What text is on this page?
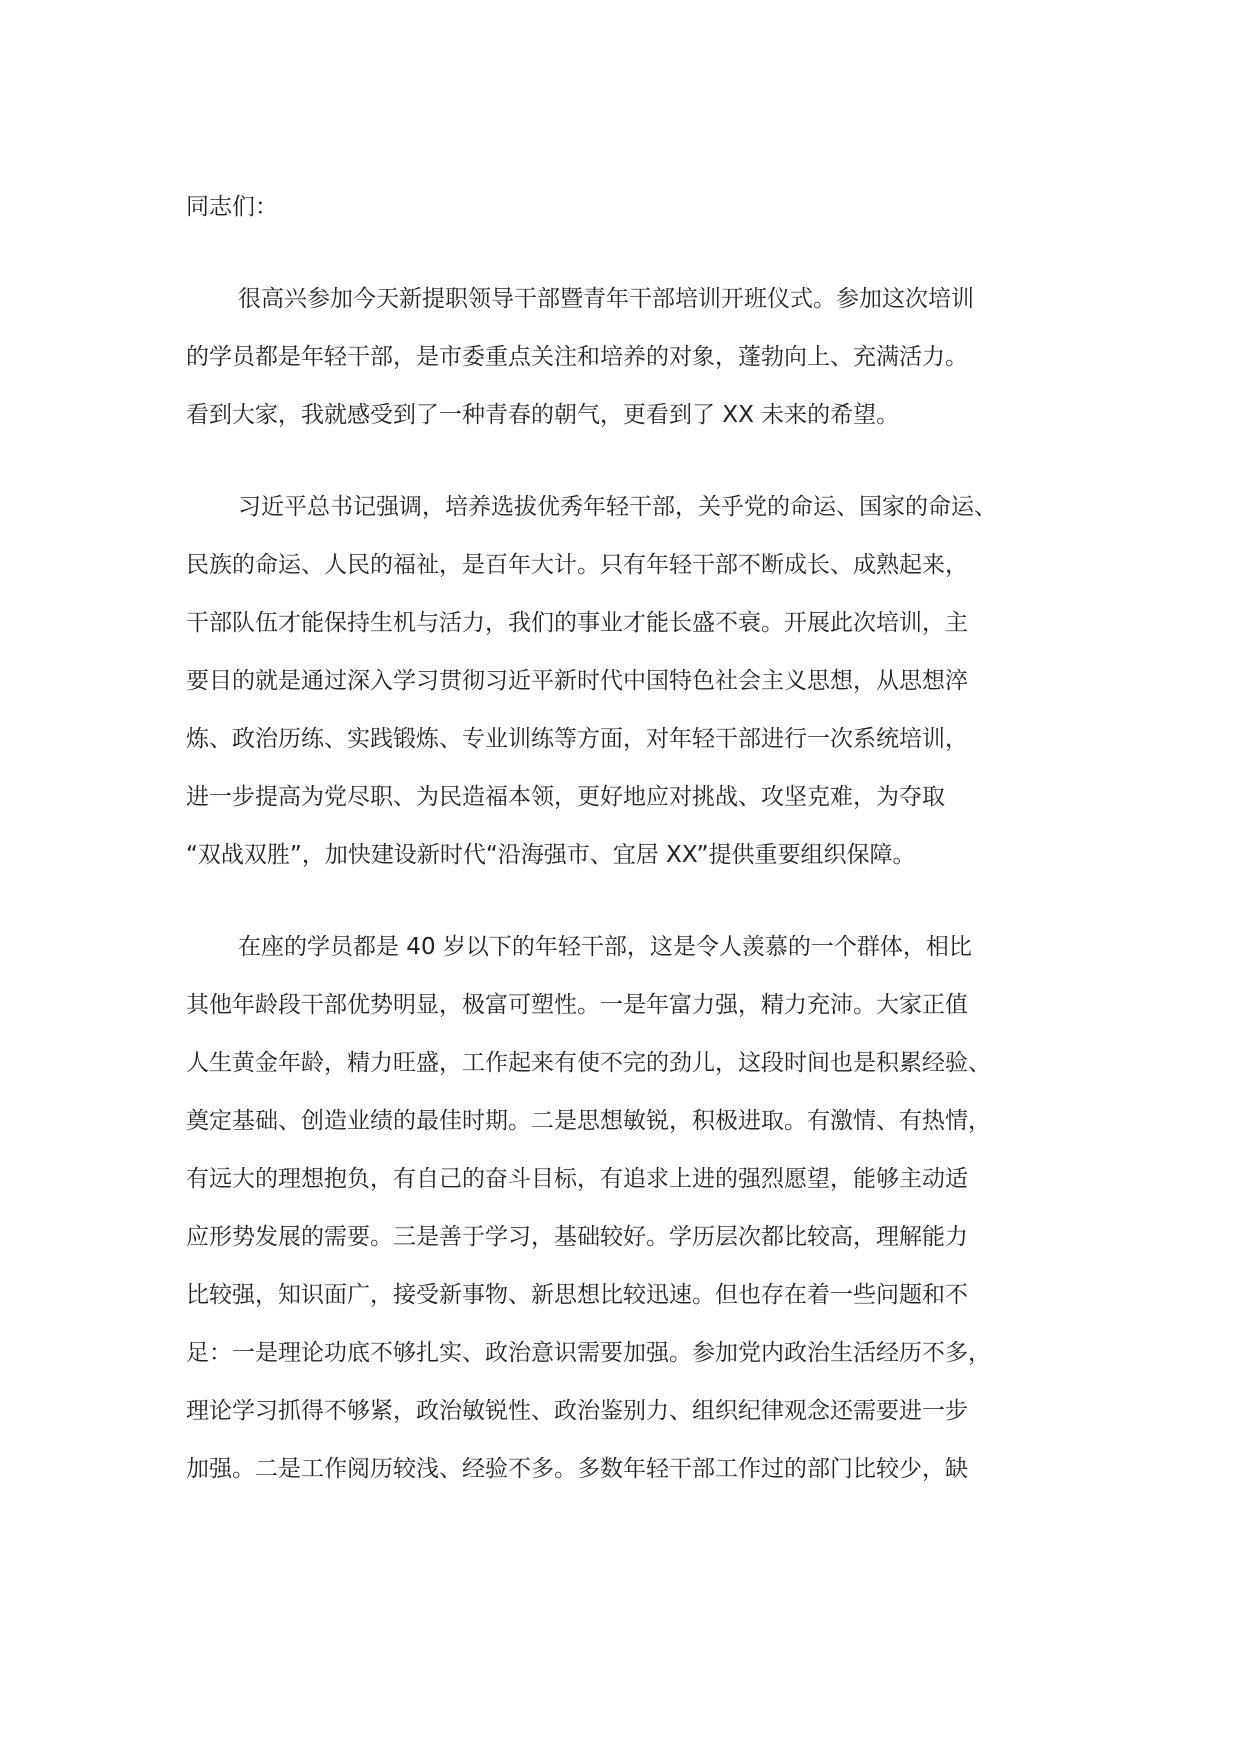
同志们：
很高兴参加今天新提职领导干部暨青年干部培训开班仪式。参加这次培训
的学员都是年轻干部，是市委重点关注和培养的对象，蓬勃向上、充满活力。
看到大家，我就感受到了一种青春的朝气，更看到了 XX 未来的希望。
习近平总书记强调，培养选拔优秀年轻干部，关乎党的命运、国家的命运、
民族的命运、人民的福祉，是百年大计。只有年轻干部不断成长、成熟起来，
干部队伍才能保持生机与活力，我们的事业才能长盛不衰。开展此次培训，主
要目的就是通过深入学习贯彻习近平新时代中国特色社会主义思想，从思想淬
炼、政治历练、实践锻炼、专业训练等方面，对年轻干部进行一次系统培训，
进一步提高为党尽职、为民造福本领，更好地应对挑战、攻坚克难，为夺取
“双战双胜”，加快建设新时代“沿海强市、宜居 XX”提供重要组织保障。
在座的学员都是 40 岁以下的年轻干部，这是令人羡慕的一个群体，相比
其他年龄段干部优势明显，极富可塑性。一是年富力强，精力充沛。大家正值
人生黄金年龄，精力旺盛，工作起来有使不完的劲儿，这段时间也是积累经验、
奠定基础、创造业绩的最佳时期。二是思想敏锐，积极进取。有激情、有热情，
有远大的理想抱负，有自己的奋斗目标，有追求上进的强烈愿望，能够主动适
应形势发展的需要。三是善于学习，基础较好。学历层次都比较高，理解能力
比较强，知识面广，接受新事物、新思想比较迅速。但也存在着一些问题和不
足：一是理论功底不够扎实、政治意识需要加强。参加党内政治生活经历不多，
理论学习抓得不够紧，政治敏锐性、政治鉴别力、组织纪律观念还需要进一步
加强。二是工作阅历较浅、经验不多。多数年轻干部工作过的部门比较少，缺
